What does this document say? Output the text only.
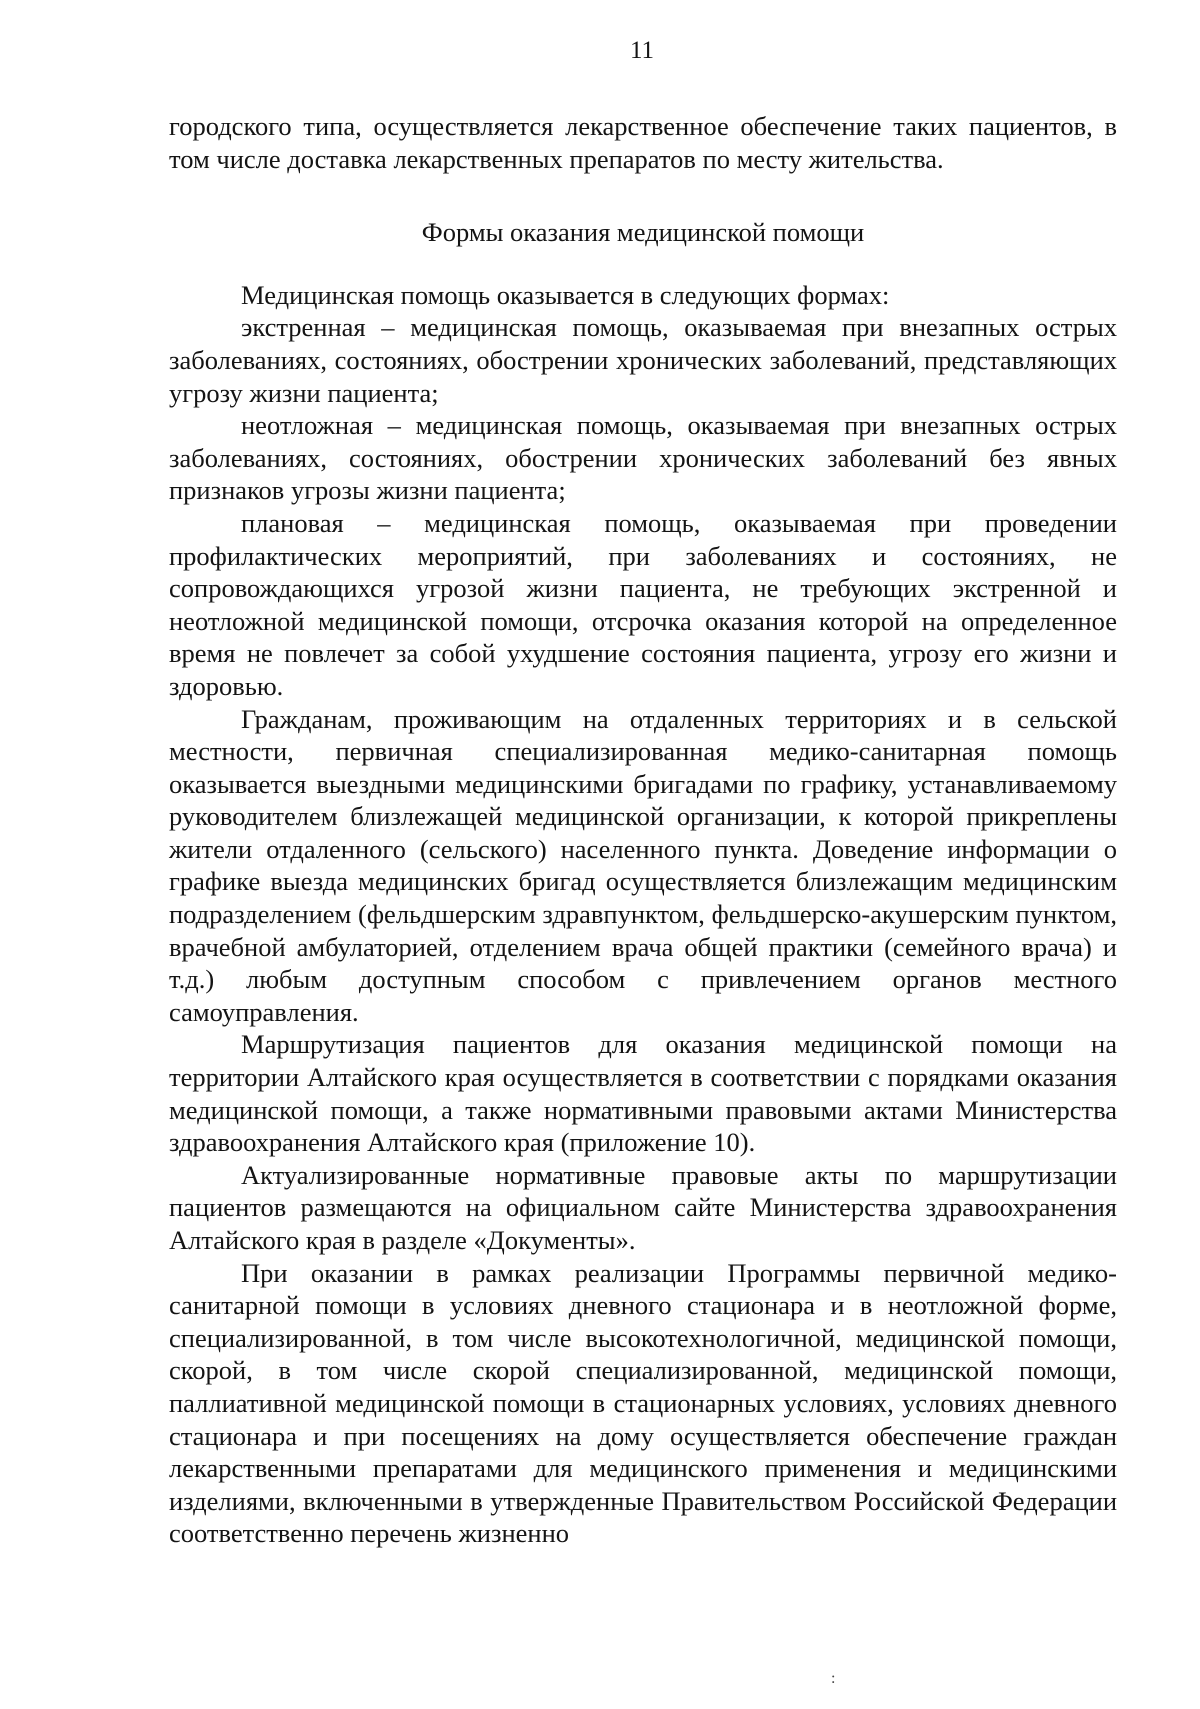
11

городского типа, осуществляется лекарственное обеспечение таких пациентов, в том числе доставка лекарственных препаратов по месту жительства.

Формы оказания медицинской помощи

Медицинская помощь оказывается в следующих формах:

экстренная – медицинская помощь, оказываемая при внезапных острых заболеваниях, состояниях, обострении хронических заболеваний, представляющих угрозу жизни пациента;

неотложная – медицинская помощь, оказываемая при внезапных острых заболеваниях, состояниях, обострении хронических заболеваний без явных признаков угрозы жизни пациента;

плановая – медицинская помощь, оказываемая при проведении профилактических мероприятий, при заболеваниях и состояниях, не сопровождающихся угрозой жизни пациента, не требующих экстренной и неотложной медицинской помощи, отсрочка оказания которой на определенное время не повлечет за собой ухудшение состояния пациента, угрозу его жизни и здоровью.

Гражданам, проживающим на отдаленных территориях и в сельской местности, первичная специализированная медико-санитарная помощь оказывается выездными медицинскими бригадами по графику, устанавливаемому руководителем близлежащей медицинской организации, к которой прикреплены жители отдаленного (сельского) населенного пункта. Доведение информации о графике выезда медицинских бригад осуществляется близлежащим медицинским подразделением (фельдшерским здравпунктом, фельдшерско-акушерским пунктом, врачебной амбулаторией, отделением врача общей практики (семейного врача) и т.д.) любым доступным способом с привлечением органов местного самоуправления.

Маршрутизация пациентов для оказания медицинской помощи на территории Алтайского края осуществляется в соответствии с порядками оказания медицинской помощи, а также нормативными правовыми актами Министерства здравоохранения Алтайского края (приложение 10).

Актуализированные нормативные правовые акты по маршрутизации пациентов размещаются на официальном сайте Министерства здравоохранения Алтайского края в разделе «Документы».

При оказании в рамках реализации Программы первичной медико-санитарной помощи в условиях дневного стационара и в неотложной форме, специализированной, в том числе высокотехнологичной, медицинской помощи, скорой, в том числе скорой специализированной, медицинской помощи, паллиативной медицинской помощи в стационарных условиях, условиях дневного стационара и при посещениях на дому осуществляется обеспечение граждан лекарственными препаратами для медицинского применения и медицинскими изделиями, включенными в утвержденные Правительством Российской Федерации соответственно перечень жизненно

:
